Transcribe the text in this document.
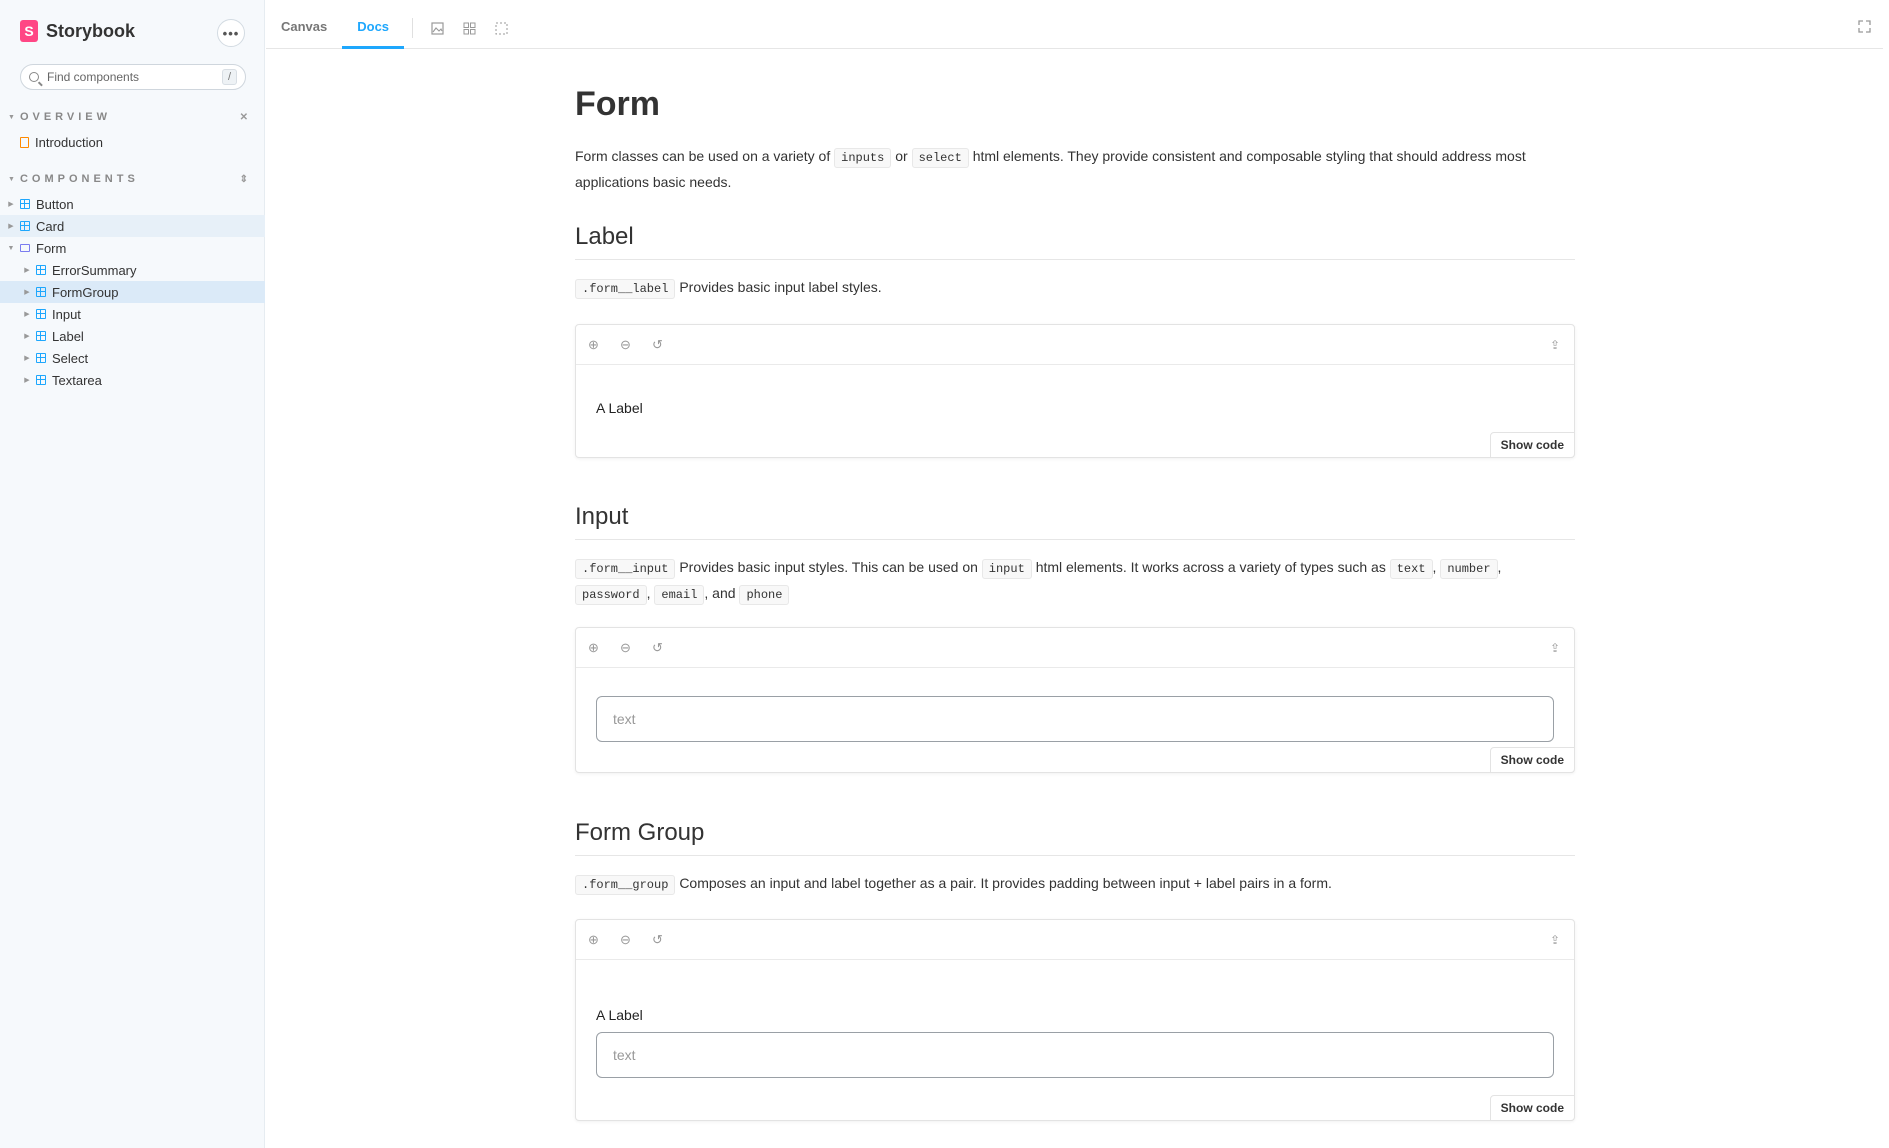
S Storybook	•••
Find components	/
▼ OVERVIEW	✕
Introduction
▼ COMPONENTS	⇕
▶ Button
▶ Card
▼ Form
▶ ErrorSummary
▶ FormGroup
▶ Input
▶ Label
▶ Select
▶ Textarea
Canvas	Docs
Form
Form classes can be used on a variety of inputs or select html elements. They provide consistent and composable styling that should address most applications basic needs.
Label
.form__label Provides basic input label styles.
⊕	⊖	↺	⇪
A Label
Show code
Input
.form__input Provides basic input styles. This can be used on input html elements. It works across a variety of types such as text , number , password , email , and phone
⊕	⊖	↺	⇪
text
Show code
Form Group
.form__group Composes an input and label together as a pair. It provides padding between input + label pairs in a form.
⊕	⊖	↺	⇪
A Label
text
Show code
